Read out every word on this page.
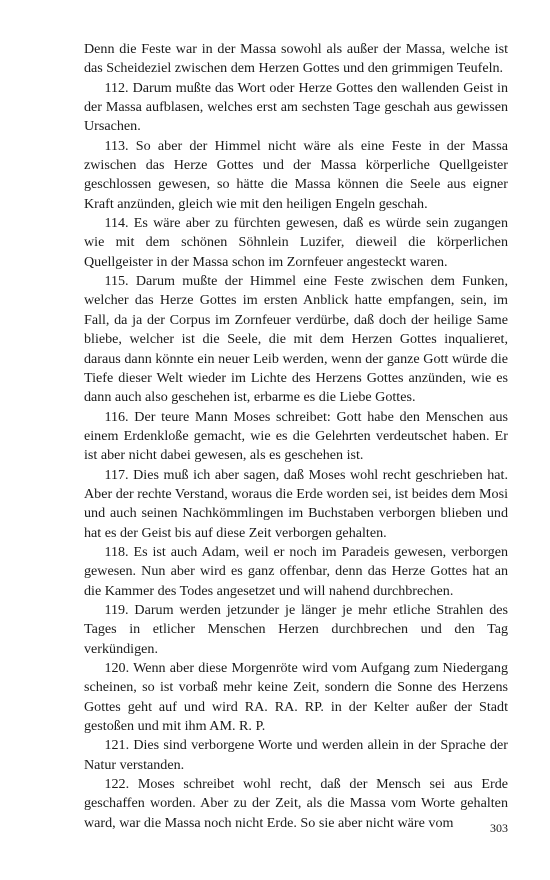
Denn die Feste war in der Massa sowohl als außer der Massa, welche ist das Scheideziel zwischen dem Herzen Gottes und den grimmigen Teufeln.

112. Darum mußte das Wort oder Herze Gottes den wallenden Geist in der Massa aufblasen, welches erst am sechsten Tage geschah aus gewissen Ursachen.

113. So aber der Himmel nicht wäre als eine Feste in der Massa zwischen das Herze Gottes und der Massa körperliche Quellgeister geschlossen gewesen, so hätte die Massa können die Seele aus eigner Kraft anzünden, gleich wie mit den heiligen Engeln geschah.

114. Es wäre aber zu fürchten gewesen, daß es würde sein zugangen wie mit dem schönen Söhnlein Luzifer, dieweil die körperlichen Quellgeister in der Massa schon im Zornfeuer angesteckt waren.

115. Darum mußte der Himmel eine Feste zwischen dem Funken, welcher das Herze Gottes im ersten Anblick hatte empfangen, sein, im Fall, da ja der Corpus im Zornfeuer verdürbe, daß doch der heilige Same bliebe, welcher ist die Seele, die mit dem Herzen Gottes inqualieret, daraus dann könnte ein neuer Leib werden, wenn der ganze Gott würde die Tiefe dieser Welt wieder im Lichte des Herzens Gottes anzünden, wie es dann auch also geschehen ist, erbarme es die Liebe Gottes.

116. Der teure Mann Moses schreibet: Gott habe den Menschen aus einem Erdenkloße gemacht, wie es die Gelehrten verdeutschet haben. Er ist aber nicht dabei gewesen, als es geschehen ist.

117. Dies muß ich aber sagen, daß Moses wohl recht geschrieben hat. Aber der rechte Verstand, woraus die Erde worden sei, ist beides dem Mosi und auch seinen Nachkömmlingen im Buchstaben verborgen blieben und hat es der Geist bis auf diese Zeit verborgen gehalten.

118. Es ist auch Adam, weil er noch im Paradeis gewesen, verborgen gewesen. Nun aber wird es ganz offenbar, denn das Herze Gottes hat an die Kammer des Todes angesetzet und will nahend durchbrechen.

119. Darum werden jetzunder je länger je mehr etliche Strahlen des Tages in etlicher Menschen Herzen durchbrechen und den Tag verkündigen.

120. Wenn aber diese Morgenröte wird vom Aufgang zum Niedergang scheinen, so ist vorbaß mehr keine Zeit, sondern die Sonne des Herzens Gottes geht auf und wird RA. RA. RP. in der Kelter außer der Stadt gestoßen und mit ihm AM. R. P.

121. Dies sind verborgene Worte und werden allein in der Sprache der Natur verstanden.

122. Moses schreibet wohl recht, daß der Mensch sei aus Erde geschaffen worden. Aber zu der Zeit, als die Massa vom Worte gehalten ward, war die Massa noch nicht Erde. So sie aber nicht wäre vom	303
